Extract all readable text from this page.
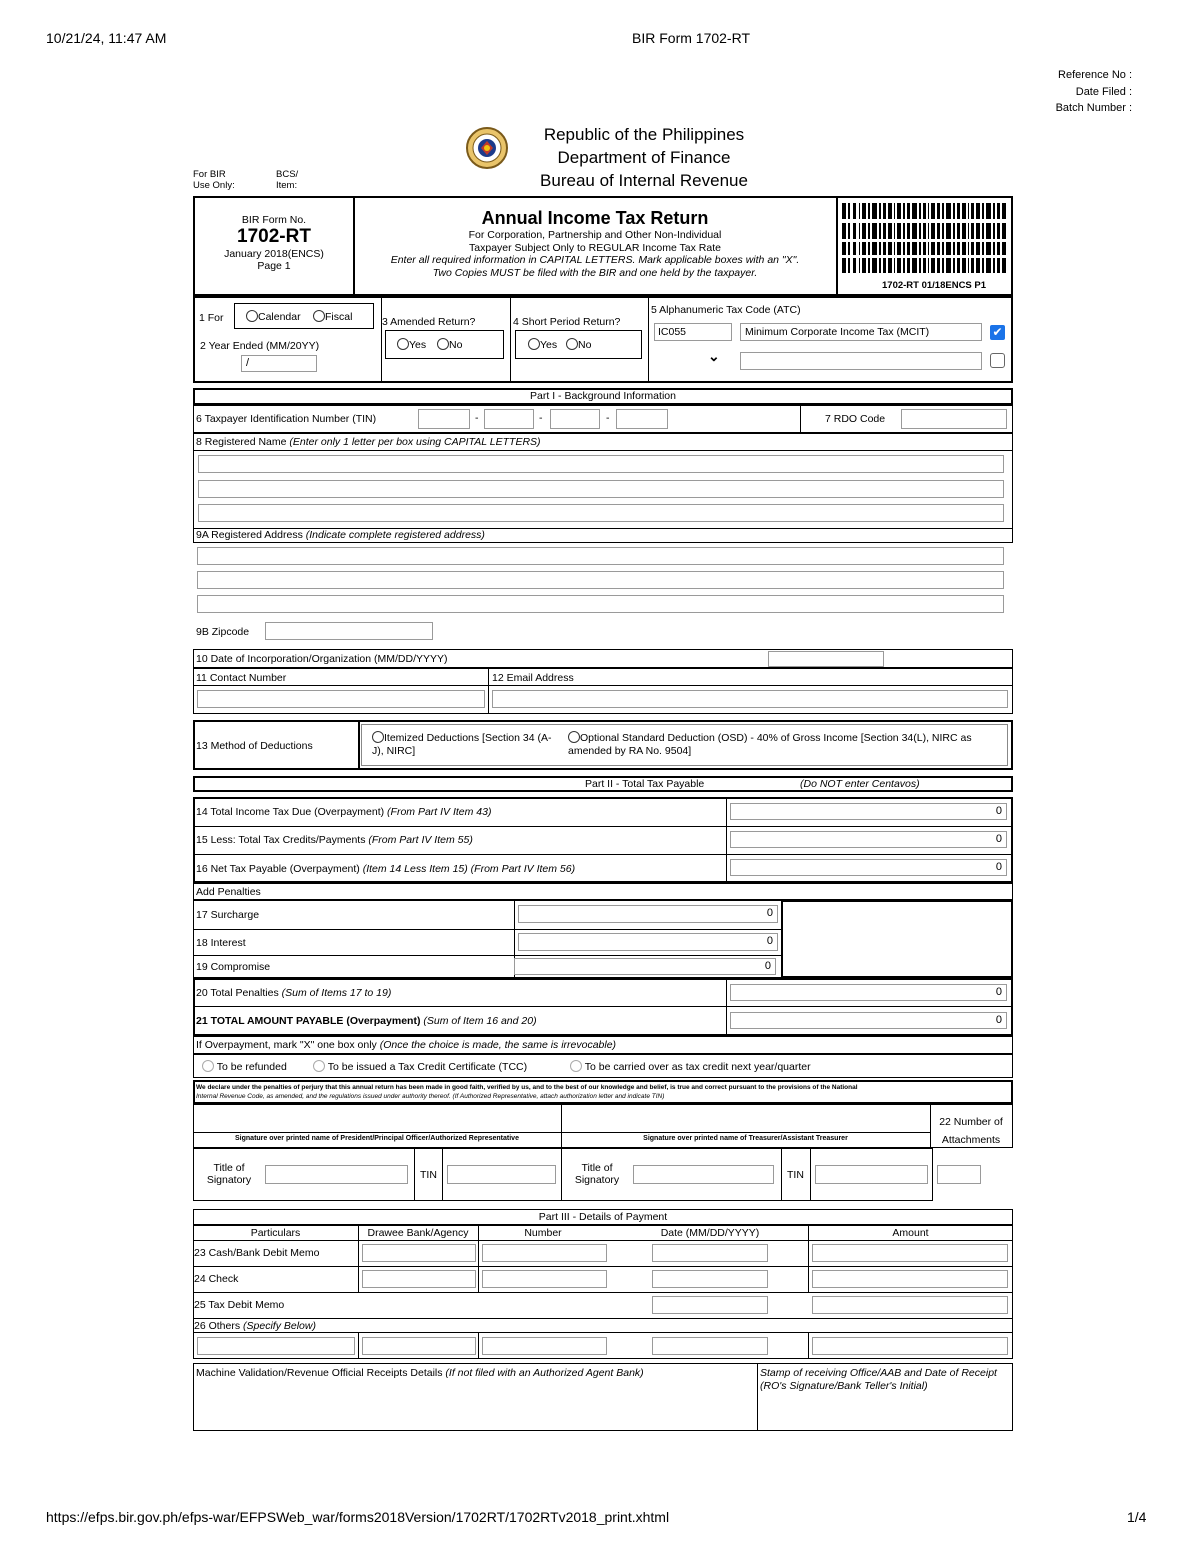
10/21/24, 11:47 AM	BIR Form 1702-RT
Reference No :
Date Filed :
Batch Number :
Republic of the Philippines
Department of Finance
Bureau of Internal Revenue
For BIR
Use Only:
BCS/
Item:
BIR Form No.
1702-RT
January 2018(ENCS)
Page 1
Annual Income Tax Return
For Corporation, Partnership and Other Non-Individual
Taxpayer Subject Only to REGULAR Income Tax Rate
Enter all required information in CAPITAL LETTERS. Mark applicable boxes with an "X".
Two Copies MUST be filed with the BIR and one held by the taxpayer.
1702-RT 01/18ENCS P1
1 For	Calendar	Fiscal
2 Year Ended (MM/20YY)
/
3 Amended Return?
Yes	No
4 Short Period Return?
Yes	No
5 Alphanumeric Tax Code (ATC)
IC055	Minimum Corporate Income Tax (MCIT)	✔
⌄
Part I - Background Information
6 Taxpayer Identification Number (TIN)	-	-	-	7 RDO Code
8 Registered Name (Enter only 1 letter per box using CAPITAL LETTERS)
9A Registered Address (Indicate complete registered address)
9B Zipcode
10 Date of Incorporation/Organization (MM/DD/YYYY)
11 Contact Number	12 Email Address
13 Method of Deductions
Itemized Deductions [Section 34 (A-J), NIRC]
Optional Standard Deduction (OSD) - 40% of Gross Income [Section 34(L), NIRC as amended by RA No. 9504]
Part II - Total Tax Payable	(Do NOT enter Centavos)
14 Total Income Tax Due (Overpayment) (From Part IV Item 43)	0
15 Less: Total Tax Credits/Payments (From Part IV Item 55)	0
16 Net Tax Payable (Overpayment) (Item 14 Less Item 15) (From Part IV Item 56)	0
Add Penalties
17 Surcharge	0
18 Interest	0
19 Compromise	0
20 Total Penalties (Sum of Items 17 to 19)	0
21 TOTAL AMOUNT PAYABLE (Overpayment) (Sum of Item 16 and 20)	0
If Overpayment, mark "X" one box only (Once the choice is made, the same is irrevocable)
To be refunded	To be issued a Tax Credit Certificate (TCC)	To be carried over as tax credit next year/quarter
We declare under the penalties of perjury that this annual return has been made in good faith, verified by us, and to the best of our knowledge and belief, is true and correct pursuant to the provisions of the National
Internal Revenue Code, as amended, and the regulations issued under authority thereof. (If Authorized Representative, attach authorization letter and indicate TIN)
Signature over printed name of President/Principal Officer/Authorized Representative	Signature over printed name of Treasurer/Assistant Treasurer
22 Number of
Attachments
Title of Signatory	TIN
Title of Signatory	TIN
Part III - Details of Payment
Particulars	Drawee Bank/Agency	Number	Date (MM/DD/YYYY)	Amount
23 Cash/Bank Debit Memo
24 Check
25 Tax Debit Memo
26 Others (Specify Below)
Machine Validation/Revenue Official Receipts Details (If not filed with an Authorized Agent Bank)	Stamp of receiving Office/AAB and Date of Receipt (RO's Signature/Bank Teller's Initial)
https://efps.bir.gov.ph/efps-war/EFPSWeb_war/forms2018Version/1702RT/1702RTv2018_print.xhtml	1/4
